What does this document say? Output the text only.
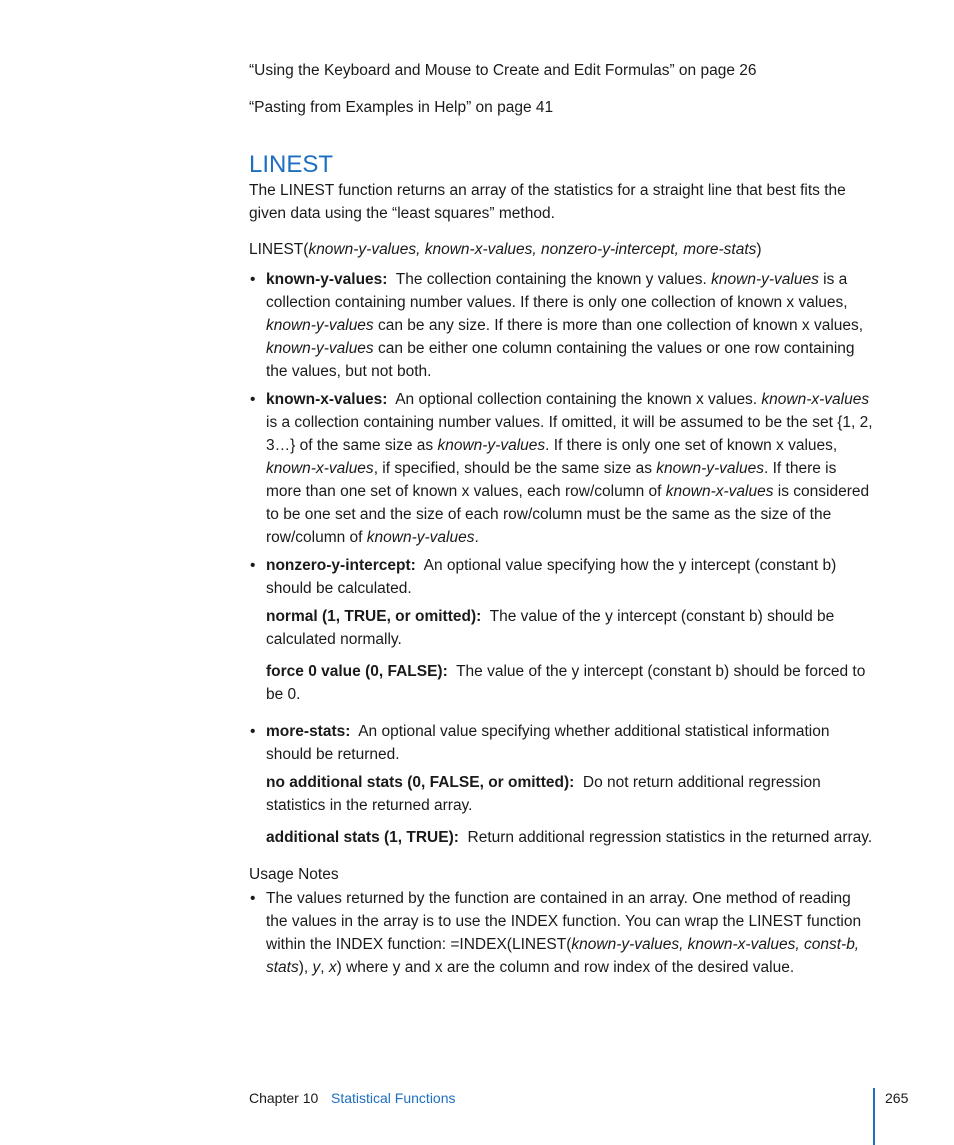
“Using the Keyboard and Mouse to Create and Edit Formulas” on page 26

“Pasting from Examples in Help” on page 41

LINEST

The LINEST function returns an array of the statistics for a straight line that best fits the given data using the “least squares” method.

LINEST(known-y-values, known-x-values, nonzero-y-intercept, more-stats)

• known-y-values: The collection containing the known y values. known-y-values is a collection containing number values. If there is only one collection of known x values, known-y-values can be any size. If there is more than one collection of known x values, known-y-values can be either one column containing the values or one row containing the values, but not both.

• known-x-values: An optional collection containing the known x values. known-x-values is a collection containing number values. If omitted, it will be assumed to be the set {1, 2, 3…} of the same size as known-y-values. If there is only one set of known x values, known-x-values, if specified, should be the same size as known-y-values. If there is more than one set of known x values, each row/column of known-x-values is considered to be one set and the size of each row/column must be the same as the size of the row/column of known-y-values.

• nonzero-y-intercept: An optional value specifying how the y intercept (constant b) should be calculated.

normal (1, TRUE, or omitted): The value of the y intercept (constant b) should be calculated normally.

force 0 value (0, FALSE): The value of the y intercept (constant b) should be forced to be 0.

• more-stats: An optional value specifying whether additional statistical information should be returned.

no additional stats (0, FALSE, or omitted): Do not return additional regression statistics in the returned array.

additional stats (1, TRUE): Return additional regression statistics in the returned array.

Usage Notes

• The values returned by the function are contained in an array. One method of reading the values in the array is to use the INDEX function. You can wrap the LINEST function within the INDEX function: =INDEX(LINEST(known-y-values, known-x-values, const-b, stats), y, x) where y and x are the column and row index of the desired value.

Chapter 10 Statistical Functions	265
